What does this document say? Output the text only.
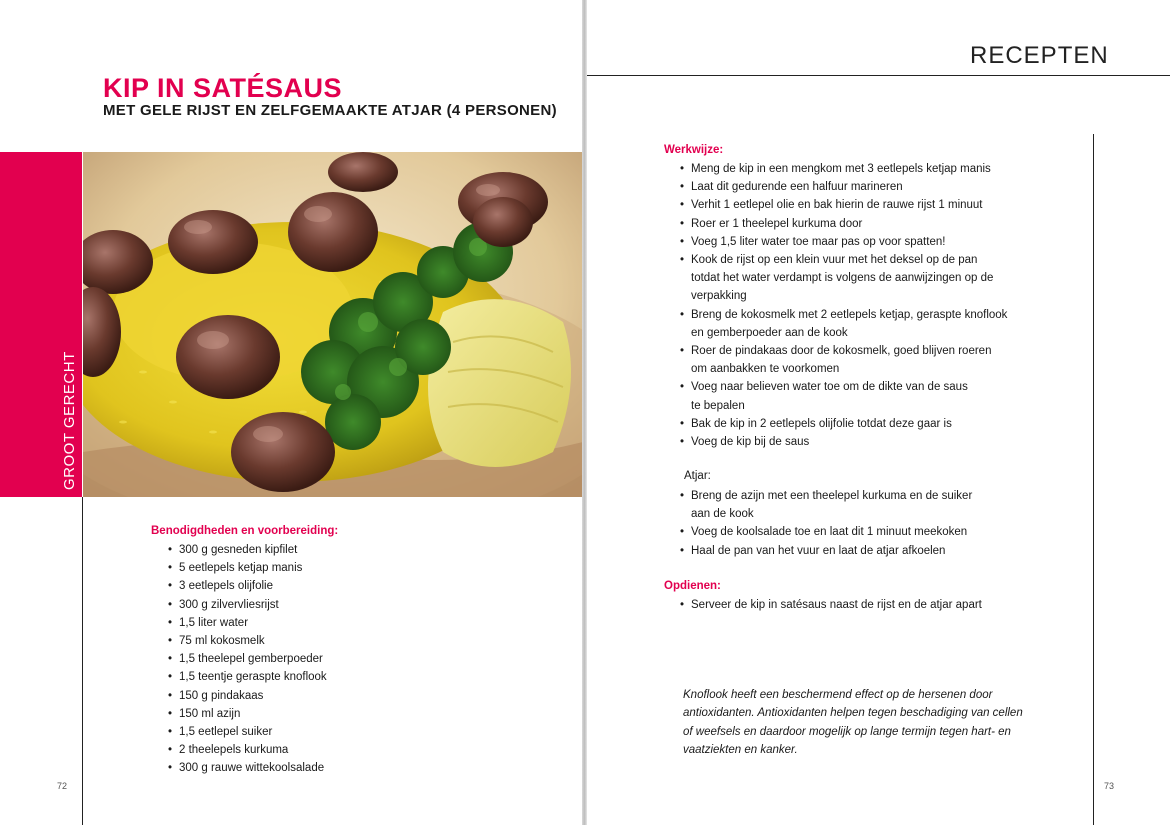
KIP IN SATÉSAUS
MET GELE RIJST EN ZELFGEMAAKTE ATJAR (4 PERSONEN)
GROOT GERECHT

Benodigdheden en voorbereiding:

• 300 g gesneden kipfilet
• 5 eetlepels ketjap manis
• 3 eetlepels olijfolie
• 300 g zilvervliesrijst
• 1,5 liter water
• 75 ml kokosmelk
• 1,5 theelepel gemberpoeder
• 1,5 teentje geraspte knoflook
• 150 g pindakaas
• 150 ml azijn
• 1,5 eetlepel suiker
• 2 theelepels kurkuma
• 300 g rauwe wittekoolsalade
72
RECEPTEN

Werkwijze:

• Meng de kip in een mengkom met 3 eetlepels ketjap manis
• Laat dit gedurende een halfuur marineren
• Verhit 1 eetlepel olie en bak hierin de rauwe rijst 1 minuut
• Roer er 1 theelepel kurkuma door
• Voeg 1,5 liter water toe maar pas op voor spatten!
• Kook de rijst op een klein vuur met het deksel op de pan
totdat het water verdampt is volgens de aanwijzingen op de
verpakking
• Breng de kokosmelk met 2 eetlepels ketjap, geraspte knoflook
en gemberpoeder aan de kook
• Roer de pindakaas door de kokosmelk, goed blijven roeren
om aanbakken te voorkomen
• Voeg naar believen water toe om de dikte van de saus
te bepalen
• Bak de kip in 2 eetlepels olijfolie totdat deze gaar is
• Voeg de kip bij de saus

Atjar:

• Breng de azijn met een theelepel kurkuma en de suiker
aan de kook
• Voeg de koolsalade toe en laat dit 1 minuut meekoken
• Haal de pan van het vuur en laat de atjar afkoelen

Opdienen:

• Serveer de kip in satésaus naast de rijst en de atjar apart

Knoflook heeft een beschermend effect op de hersenen door
antioxidanten. Antioxidanten helpen tegen beschadiging van cellen
of weefsels en daardoor mogelijk op lange termijn tegen hart- en
vaatziekten en kanker.

73
